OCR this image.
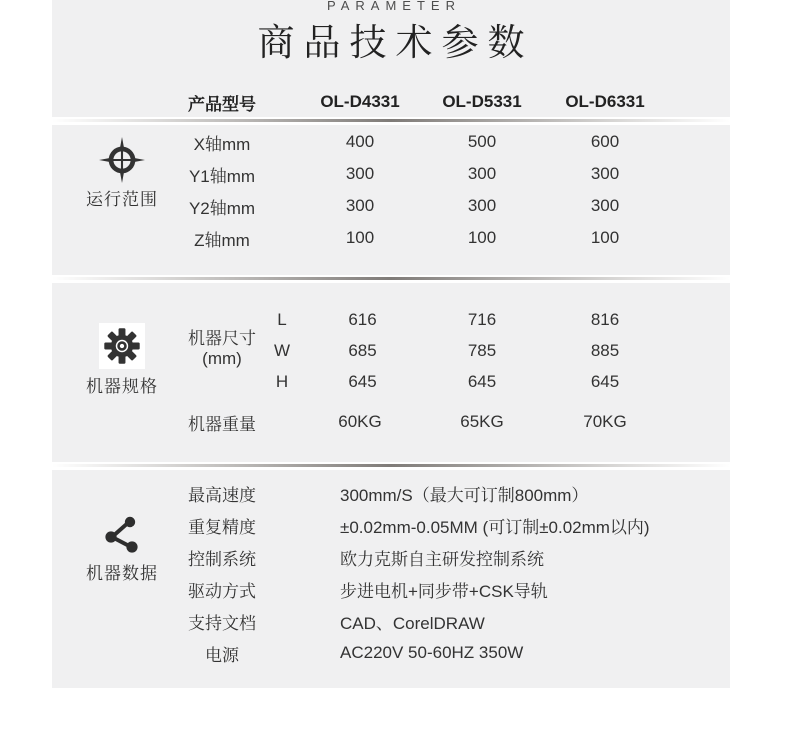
PARAMETER
商品技术参数
产品型号	OL-D4331	OL-D5331	OL-D6331
运行范围
X轴mm	400	500	600
Y1轴mm	300	300	300
Y2轴mm	300	300	300
Z轴mm	100	100	100
机器规格
机器尺寸
(mm)
L	616	716	816
W	685	785	885
H	645	645	645
机器重量	60KG	65KG	70KG
机器数据
最高速度	300mm/S（最大可订制800mm）
重复精度	±0.02mm-0.05MM (可订制±0.02mm以内)
控制系统	欧力克斯自主研发控制系统
驱动方式	步进电机+同步带+CSK导轨
支持文档	CAD、CorelDRAW
电源	AC220V 50-60HZ 350W
